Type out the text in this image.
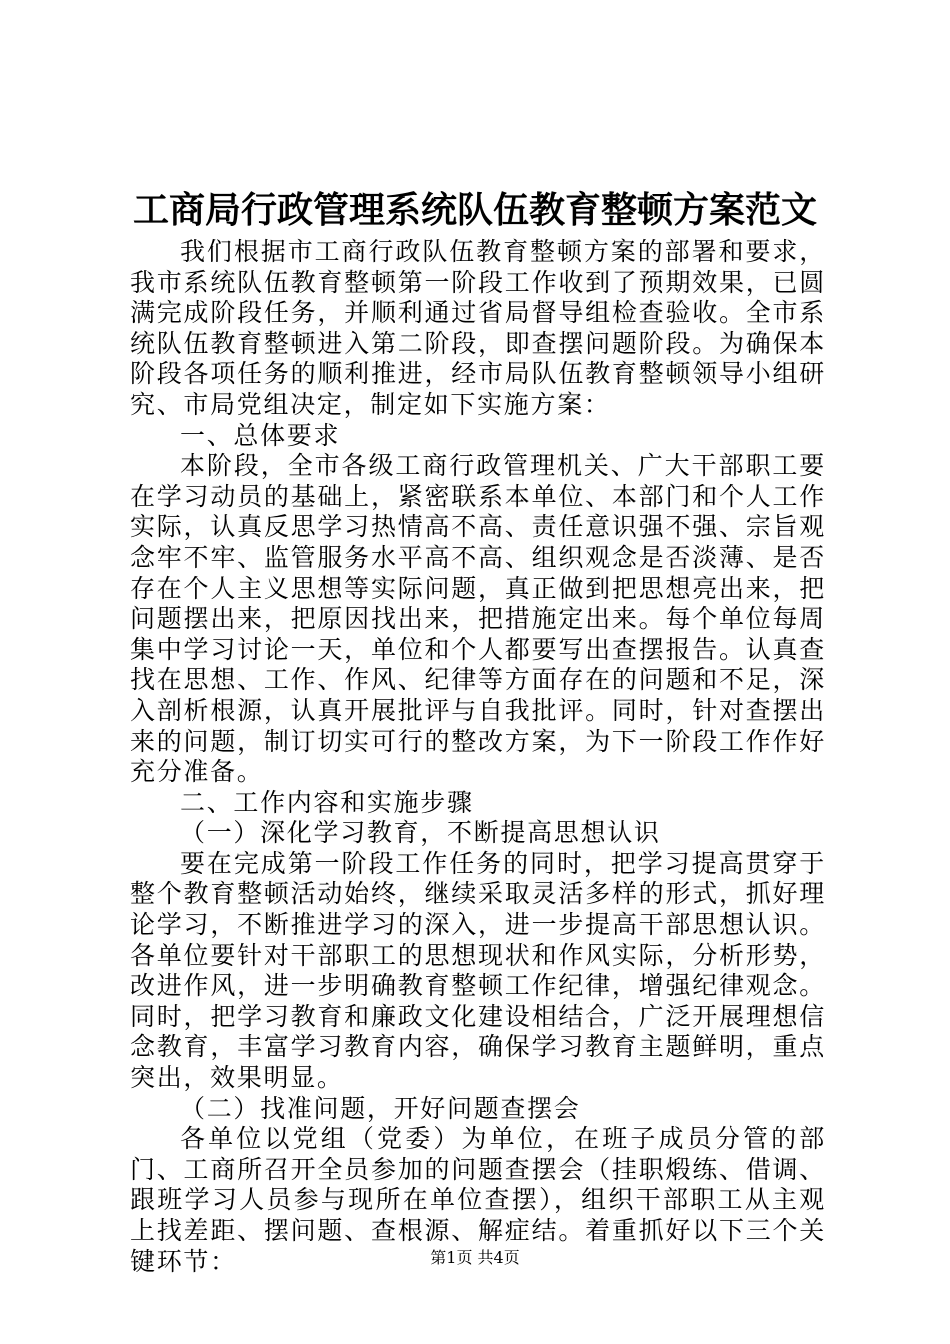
工商局行政管理系统队伍教育整顿方案范文

我们根据市工商行政队伍教育整顿方案的部署和要求，我市系统队伍教育整顿第一阶段工作收到了预期效果，已圆满完成阶段任务，并顺利通过省局督导组检查验收。全市系统队伍教育整顿进入第二阶段，即查摆问题阶段。为确保本阶段各项任务的顺利推进，经市局队伍教育整顿领导小组研究、市局党组决定，制定如下实施方案：

一、总体要求

本阶段，全市各级工商行政管理机关、广大干部职工要在学习动员的基础上，紧密联系本单位、本部门和个人工作实际，认真反思学习热情高不高、责任意识强不强、宗旨观念牢不牢、监管服务水平高不高、组织观念是否淡薄、是否存在个人主义思想等实际问题，真正做到把思想亮出来，把问题摆出来，把原因找出来，把措施定出来。每个单位每周集中学习讨论一天，单位和个人都要写出查摆报告。认真查找在思想、工作、作风、纪律等方面存在的问题和不足，深入剖析根源，认真开展批评与自我批评。同时，针对查摆出来的问题，制订切实可行的整改方案，为下一阶段工作作好充分准备。

二、工作内容和实施步骤

（一）深化学习教育，不断提高思想认识

要在完成第一阶段工作任务的同时，把学习提高贯穿于整个教育整顿活动始终，继续采取灵活多样的形式，抓好理论学习，不断推进学习的深入，进一步提高干部思想认识。各单位要针对干部职工的思想现状和作风实际，分析形势，改进作风，进一步明确教育整顿工作纪律，增强纪律观念。同时，把学习教育和廉政文化建设相结合，广泛开展理想信念教育，丰富学习教育内容，确保学习教育主题鲜明，重点突出，效果明显。

（二）找准问题，开好问题查摆会

各单位以党组（党委）为单位，在班子成员分管的部门、工商所召开全员参加的问题查摆会（挂职煅练、借调、跟班学习人员参与现所在单位查摆），组织干部职工从主观上找差距、摆问题、查根源、解症结。着重抓好以下三个关键环节：	第1页 共4页
